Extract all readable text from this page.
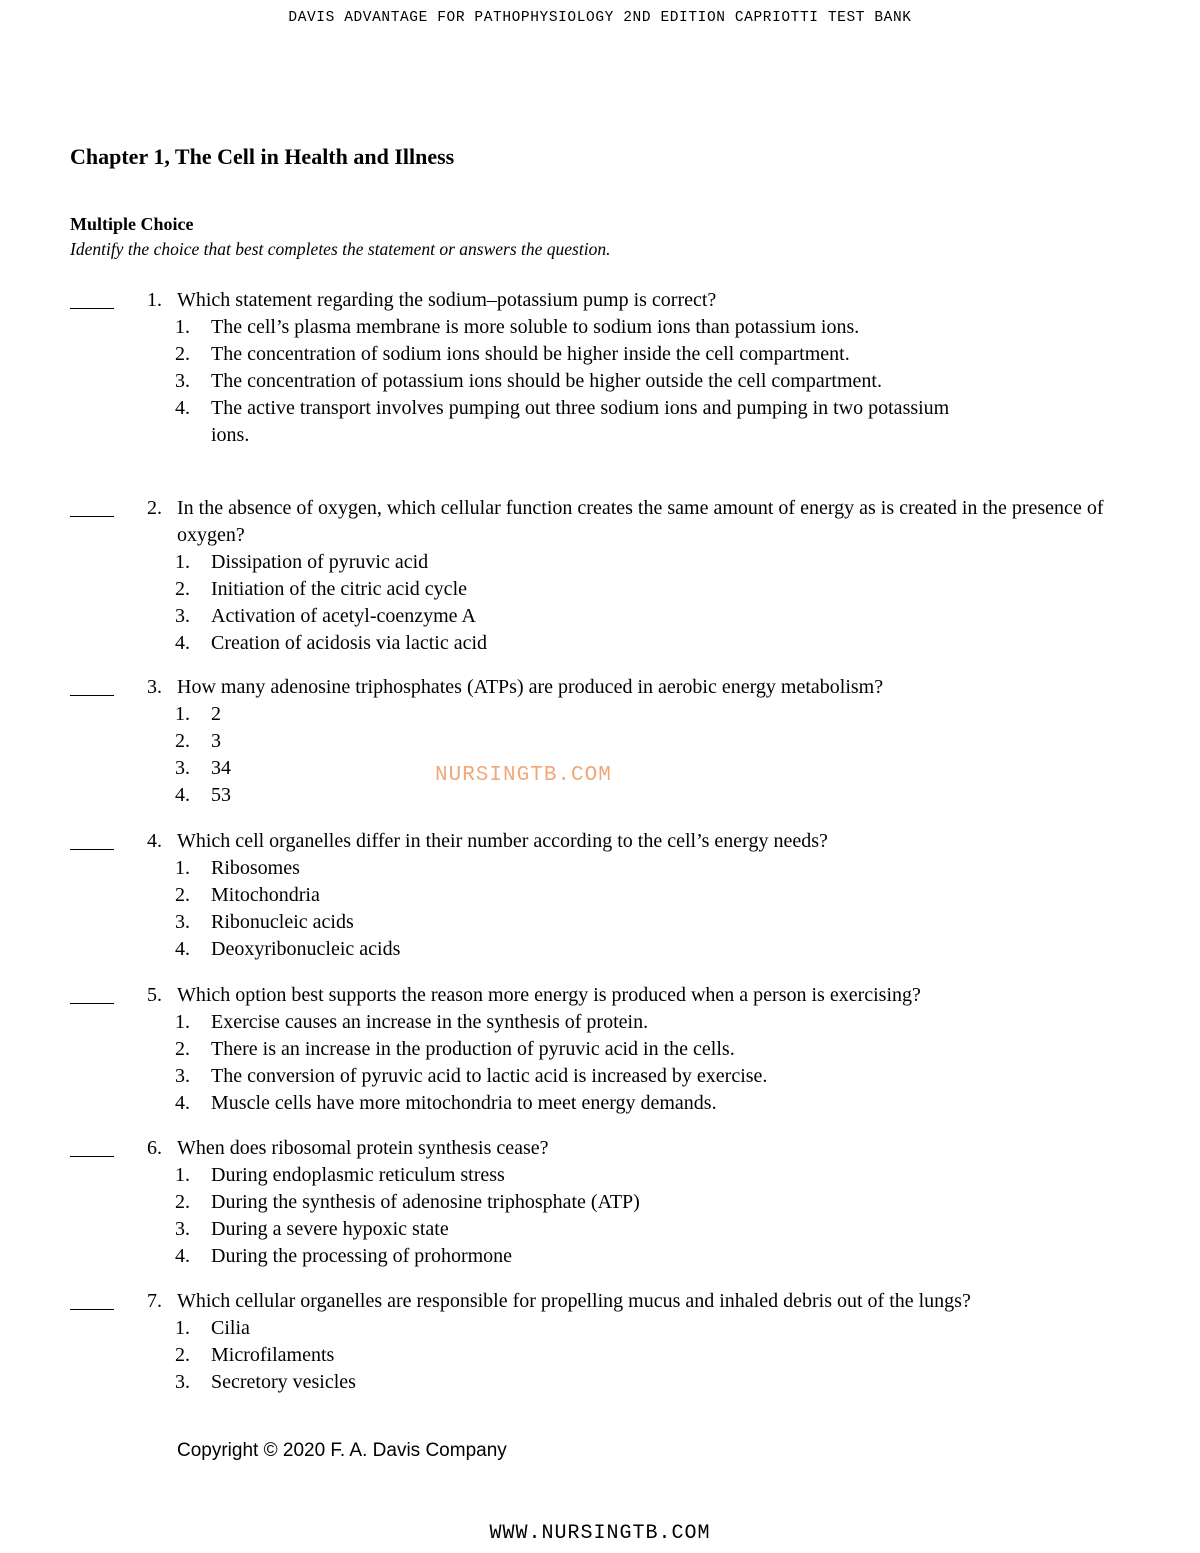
DAVIS ADVANTAGE FOR PATHOPHYSIOLOGY 2ND EDITION CAPRIOTTI TEST BANK
Chapter 1, The Cell in Health and Illness
Multiple Choice
Identify the choice that best completes the statement or answers the question.
1. Which statement regarding the sodium–potassium pump is correct?
1. The cell’s plasma membrane is more soluble to sodium ions than potassium ions.
2. The concentration of sodium ions should be higher inside the cell compartment.
3. The concentration of potassium ions should be higher outside the cell compartment.
4. The active transport involves pumping out three sodium ions and pumping in two potassium ions.
2. In the absence of oxygen, which cellular function creates the same amount of energy as is created in the presence of oxygen?
1. Dissipation of pyruvic acid
2. Initiation of the citric acid cycle
3. Activation of acetyl-coenzyme A
4. Creation of acidosis via lactic acid
3. How many adenosine triphosphates (ATPs) are produced in aerobic energy metabolism?
1. 2
2. 3
3. 34
4. 53
NURSINGTB.COM
4. Which cell organelles differ in their number according to the cell’s energy needs?
1. Ribosomes
2. Mitochondria
3. Ribonucleic acids
4. Deoxyribonucleic acids
5. Which option best supports the reason more energy is produced when a person is exercising?
1. Exercise causes an increase in the synthesis of protein.
2. There is an increase in the production of pyruvic acid in the cells.
3. The conversion of pyruvic acid to lactic acid is increased by exercise.
4. Muscle cells have more mitochondria to meet energy demands.
6. When does ribosomal protein synthesis cease?
1. During endoplasmic reticulum stress
2. During the synthesis of adenosine triphosphate (ATP)
3. During a severe hypoxic state
4. During the processing of prohormone
7. Which cellular organelles are responsible for propelling mucus and inhaled debris out of the lungs?
1. Cilia
2. Microfilaments
3. Secretory vesicles
Copyright © 2020 F. A. Davis Company
WWW.NURSINGTB.COM
